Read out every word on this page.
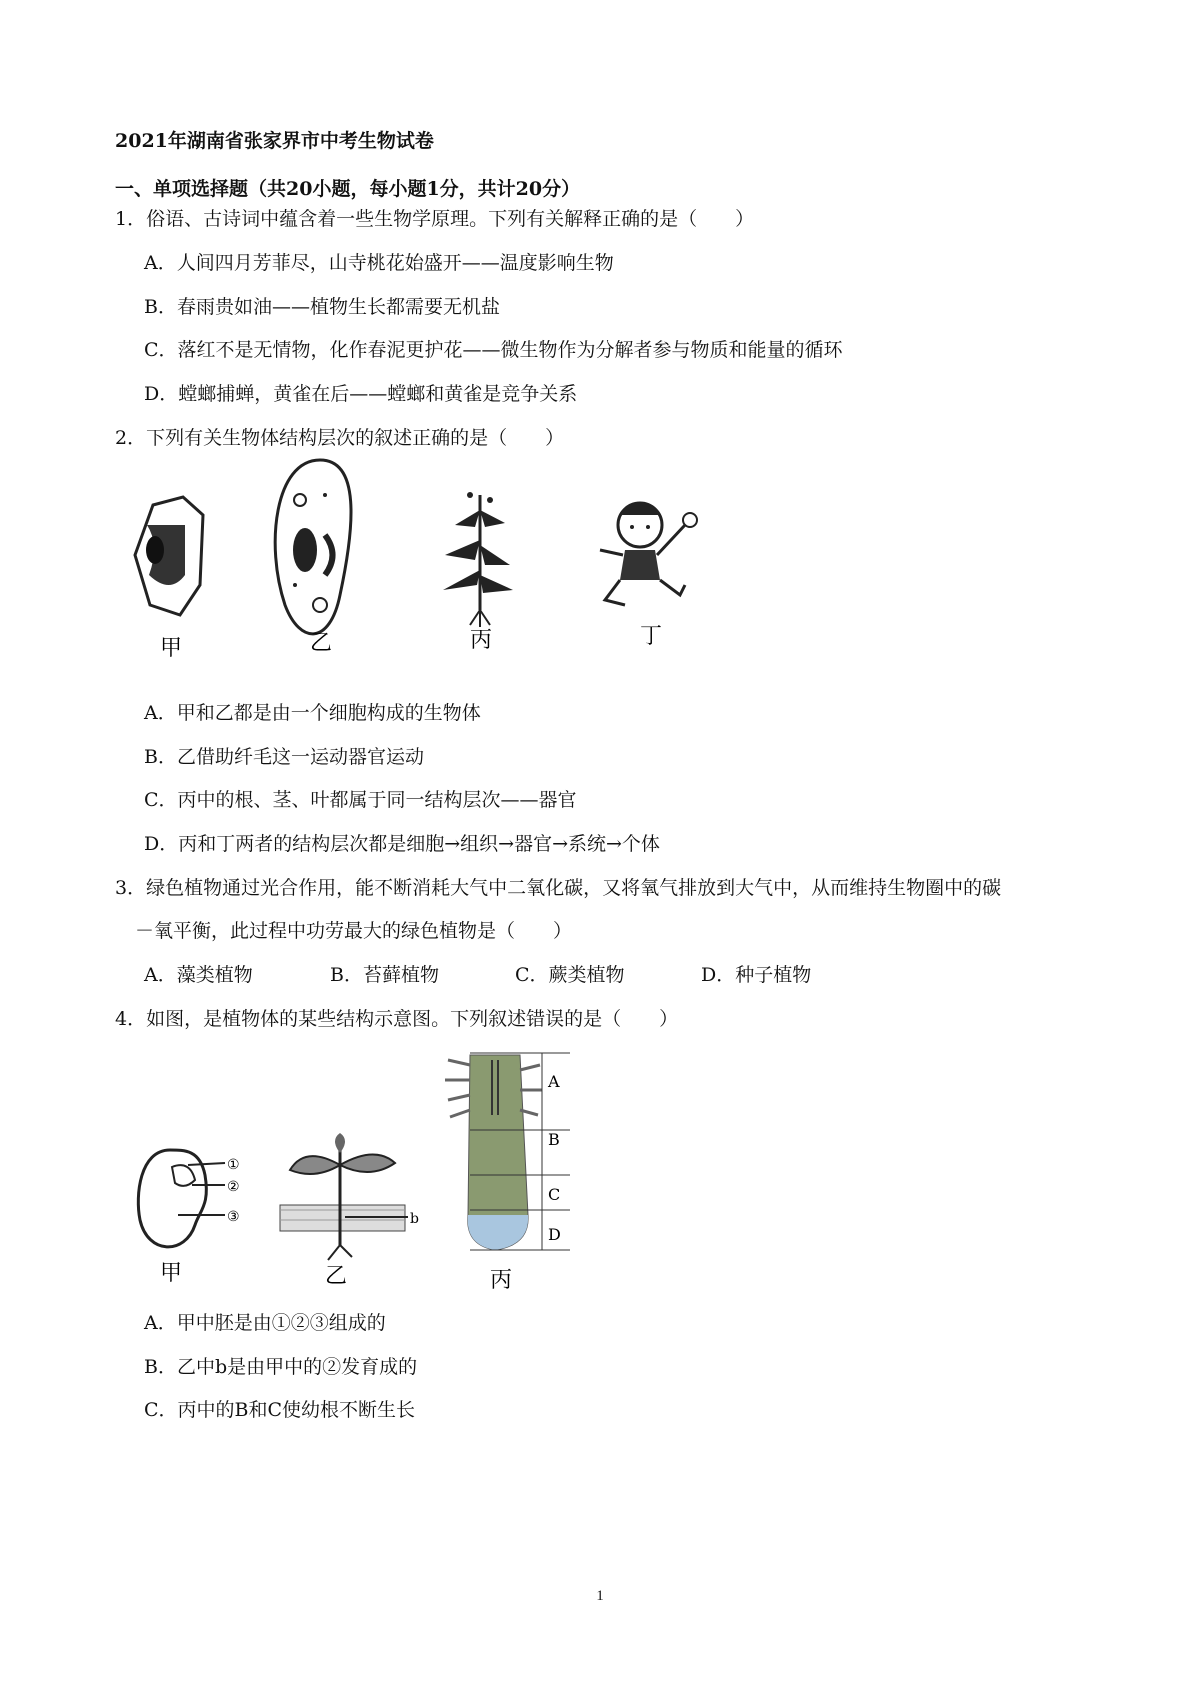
2021年湖南省张家界市中考生物试卷
一、单项选择题（共20小题，每小题1分，共计20分）
1．俗语、古诗词中蕴含着一些生物学原理。下列有关解释正确的是（　　）
A．人间四月芳菲尽，山寺桃花始盛开——温度影响生物
B．春雨贵如油——植物生长都需要无机盐
C．落红不是无情物，化作春泥更护花——微生物作为分解者参与物质和能量的循环
D．螳螂捕蝉，黄雀在后——螳螂和黄雀是竞争关系
2．下列有关生物体结构层次的叙述正确的是（　　）
甲	乙	丙	丁
A．甲和乙都是由一个细胞构成的生物体
B．乙借助纤毛这一运动器官运动
C．丙中的根、茎、叶都属于同一结构层次——器官
D．丙和丁两者的结构层次都是细胞→组织→器官→系统→个体
3．绿色植物通过光合作用，能不断消耗大气中二氧化碳，又将氧气排放到大气中，从而维持生物圈中的碳
－氧平衡，此过程中功劳最大的绿色植物是（　　）
A．藻类植物	B．苔藓植物	C．蕨类植物	D．种子植物
4．如图，是植物体的某些结构示意图。下列叙述错误的是（　　）
①
②
③	b
A
B
C
D
甲	乙	丙
A．甲中胚是由①②③组成的
B．乙中b是由甲中的②发育成的
C．丙中的B和C使幼根不断生长
1
